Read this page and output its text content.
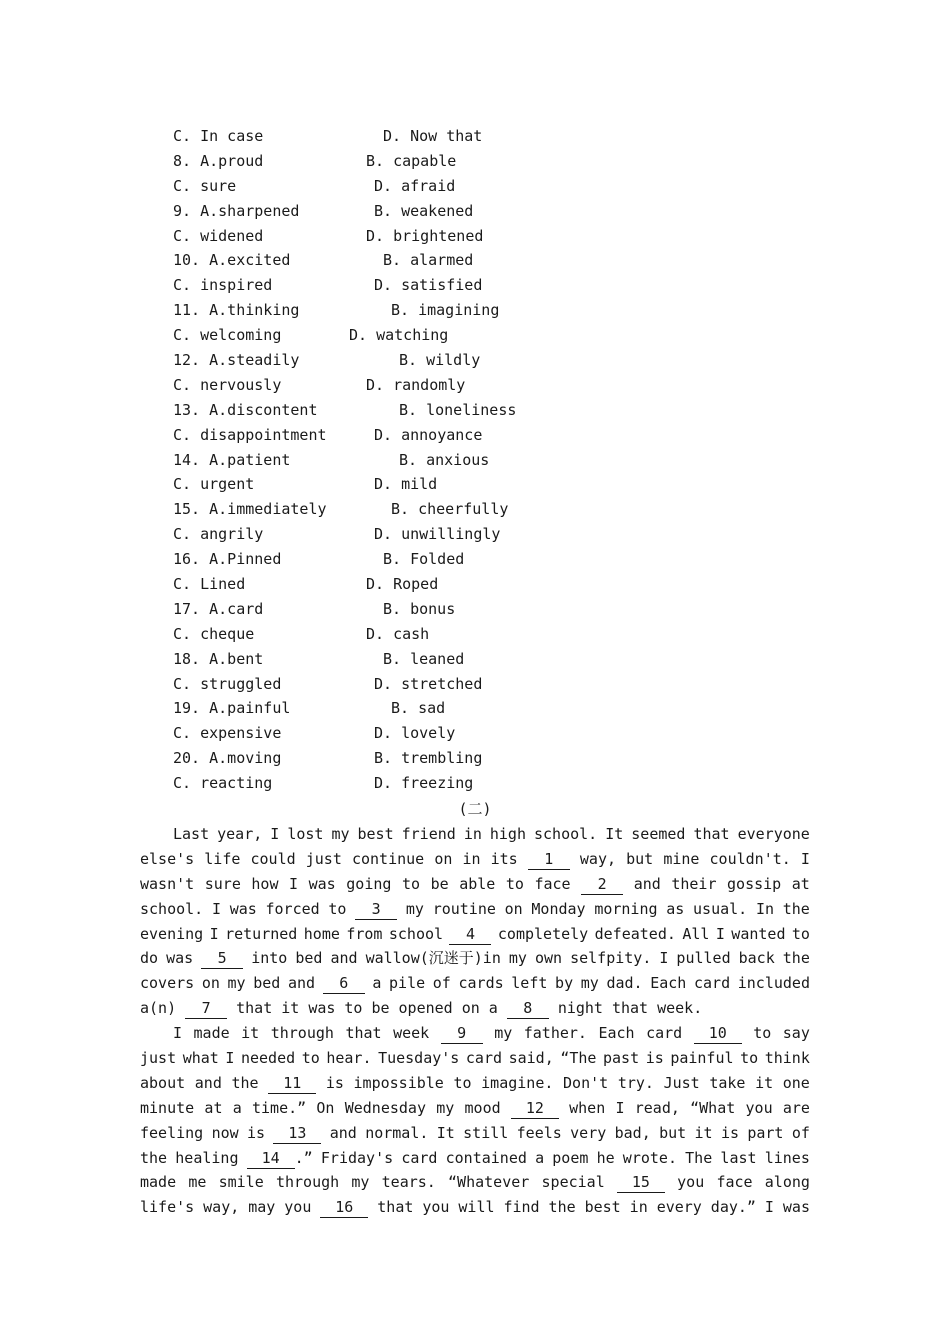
C. In case	D. Now that
8. A.proud	B. capable
C. sure	D. afraid
9. A.sharpened	B. weakened
C. widened	D. brightened
10. A.excited	B. alarmed
C. inspired	D. satisfied
11. A.thinking	B. imagining
C. welcoming	D. watching
12. A.steadily	B. wildly
C. nervously	D. randomly
13. A.discontent	B. loneliness
C. disappointment	D. annoyance
14. A.patient	B. anxious
C. urgent	D. mild
15. A.immediately	B. cheerfully
C. angrily	D. unwillingly
16. A.Pinned	B. Folded
C. Lined	D. Roped
17. A.card	B. bonus
C. cheque	D. cash
18. A.bent	B. leaned
C. struggled	D. stretched
19. A.painful	B. sad
C. expensive	D. lovely
20. A.moving	B. trembling
C. reacting	D. freezing
(二)
Last year, I lost my best friend in high school. It seemed that everyone
else's life could just continue on in its	1	way, but mine couldn't. I
wasn't sure how I was going to be able to face	2	and their gossip at
school. I was forced to	3	my routine on Monday morning as usual. In the
evening I returned home from school	4	completely defeated. All I wanted to
do was	5	into bed and wallow(沉迷于)in my own selfpity. I pulled back the
covers on my bed and	6	a pile of cards left by my dad. Each card included
a(n)	7	that it was to be opened on a	8	night that week.
I made it through that week	9	my father. Each card	10	to say
just what I needed to hear. Tuesday's card said, “The past is painful to think
about and the	11	is impossible to imagine. Don't try. Just take it one
minute at a time.” On Wednesday my mood	12	when I read, “What you are
feeling now is	13	and normal. It still feels very bad, but it is part of
the healing	14 .” Friday's card contained a poem he wrote. The last lines
made me smile through my tears. “Whatever special	15	you face along
life's way, may you	16	that you will find the best in every day.” I was
